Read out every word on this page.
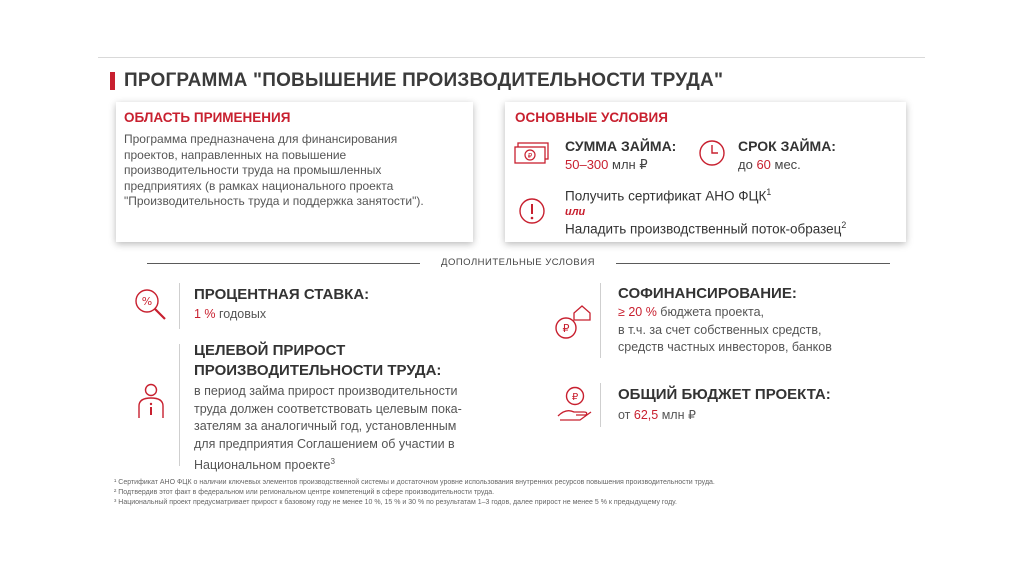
ПРОГРАММА "ПОВЫШЕНИЕ ПРОИЗВОДИТЕЛЬНОСТИ ТРУДА"
ОБЛАСТЬ ПРИМЕНЕНИЯ
Программа предназначена для финансирования
проектов, направленных на повышение
производительности труда на промышленных
предприятиях (в рамках национального проекта
"Производительность труда и поддержка занятости").
ОСНОВНЫЕ УСЛОВИЯ
₽
СУММА ЗАЙМА:
50–300 млн ₽
СРОК ЗАЙМА:
до 60 мес.
Получить сертификат АНО ФЦК$^1$
или
Наладить производственный поток-образец$^2$
ДОПОЛНИТЕЛЬНЫЕ УСЛОВИЯ
%	ПРОЦЕНТНАЯ СТАВКА:
1 % годовых
ЦЕЛЕВОЙ ПРИРОСТ
ПРОИЗВОДИТЕЛЬНОСТИ ТРУДА:
в период займа прирост производительности
труда должен соответствовать целевым пока-
зателям за аналогичный год, установленным
для предприятия Соглашением об участии в
Национальном проекте$^3$
₽
СОФИНАНСИРОВАНИЕ:
≥ 20 % бюджета проекта,
в т.ч. за счет собственных средств,
средств частных инвесторов, банков
₽	ОБЩИЙ БЮДЖЕТ ПРОЕКТА:
от 62,5 млн ₽
¹ Сертификат АНО ФЦК о наличии ключевых элементов производственной системы и достаточном уровне использования внутренних ресурсов повышения производительности труда.
² Подтвердив этот факт в федеральном или региональном центре компетенций в сфере производительности труда.
³ Национальный проект предусматривает прирост к базовому году не менее 10 %, 15 % и 30 % по результатам 1–3 годов, далее прирост не менее 5 % к предыдущему году.
